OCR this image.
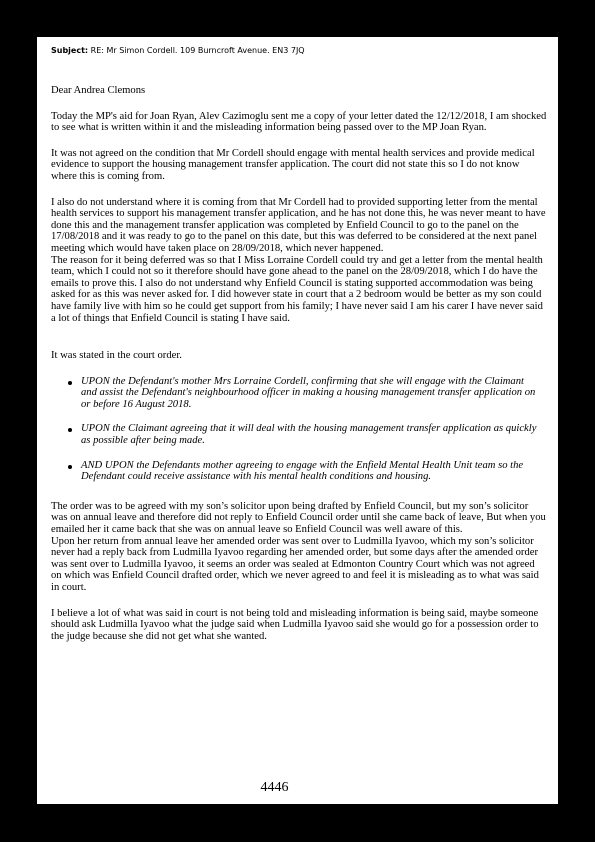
Subject: RE: Mr Simon Cordell. 109 Burncroft Avenue. EN3 7JQ

Dear Andrea Clemons

Today the MP's aid for Joan Ryan, Alev Cazimoglu sent me a copy of your letter dated the 12/12/2018, I am shocked to see what is written within it and the misleading information being passed over to the MP Joan Ryan.

It was not agreed on the condition that Mr Cordell should engage with mental health services and provide medical evidence to support the housing management transfer application. The court did not state this so I do not know where this is coming from.

I also do not understand where it is coming from that Mr Cordell had to provided supporting letter from the mental health services to support his management transfer application, and he has not done this, he was never meant to have done this and the management transfer application was completed by Enfield Council to go to the panel on the 17/08/2018 and it was ready to go to the panel on this date, but this was deferred to be considered at the next panel meeting which would have taken place on 28/09/2018, which never happened.

The reason for it being deferred was so that I Miss Lorraine Cordell could try and get a letter from the mental health team, which I could not so it therefore should have gone ahead to the panel on the 28/09/2018, which I do have the emails to prove this. I also do not understand why Enfield Council is stating supported accommodation was being asked for as this was never asked for. I did however state in court that a 2 bedroom would be better as my son could have family live with him so he could get support from his family; I have never said I am his carer I have never said a lot of things that Enfield Council is stating I have said.

It was stated in the court order.

UPON the Defendant's mother Mrs Lorraine Cordell, confirming that she will engage with the Claimant and assist the Defendant's neighbourhood officer in making a housing management transfer application on or before 16 August 2018.
UPON the Claimant agreeing that it will deal with the housing management transfer application as quickly as possible after being made.
AND UPON the Defendants mother agreeing to engage with the Enfield Mental Health Unit team so the Defendant could receive assistance with his mental health conditions and housing.

The order was to be agreed with my son’s solicitor upon being drafted by Enfield Council, but my son’s solicitor was on annual leave and therefore did not reply to Enfield Council order until she came back of leave, But when you emailed her it came back that she was on annual leave so Enfield Council was well aware of this.

Upon her return from annual leave her amended order was sent over to Ludmilla Iyavoo, which my son’s solicitor never had a reply back from Ludmilla Iyavoo regarding her amended order, but some days after the amended order was sent over to Ludmilla Iyavoo, it seems an order was sealed at Edmonton Country Court which was not agreed on which was Enfield Council drafted order, which we never agreed to and feel it is misleading as to what was said in court.

I believe a lot of what was said in court is not being told and misleading information is being said, maybe someone should ask Ludmilla Iyavoo what the judge said when Ludmilla Iyavoo said she would go for a possession order to the judge because she did not get what she wanted.

4446
